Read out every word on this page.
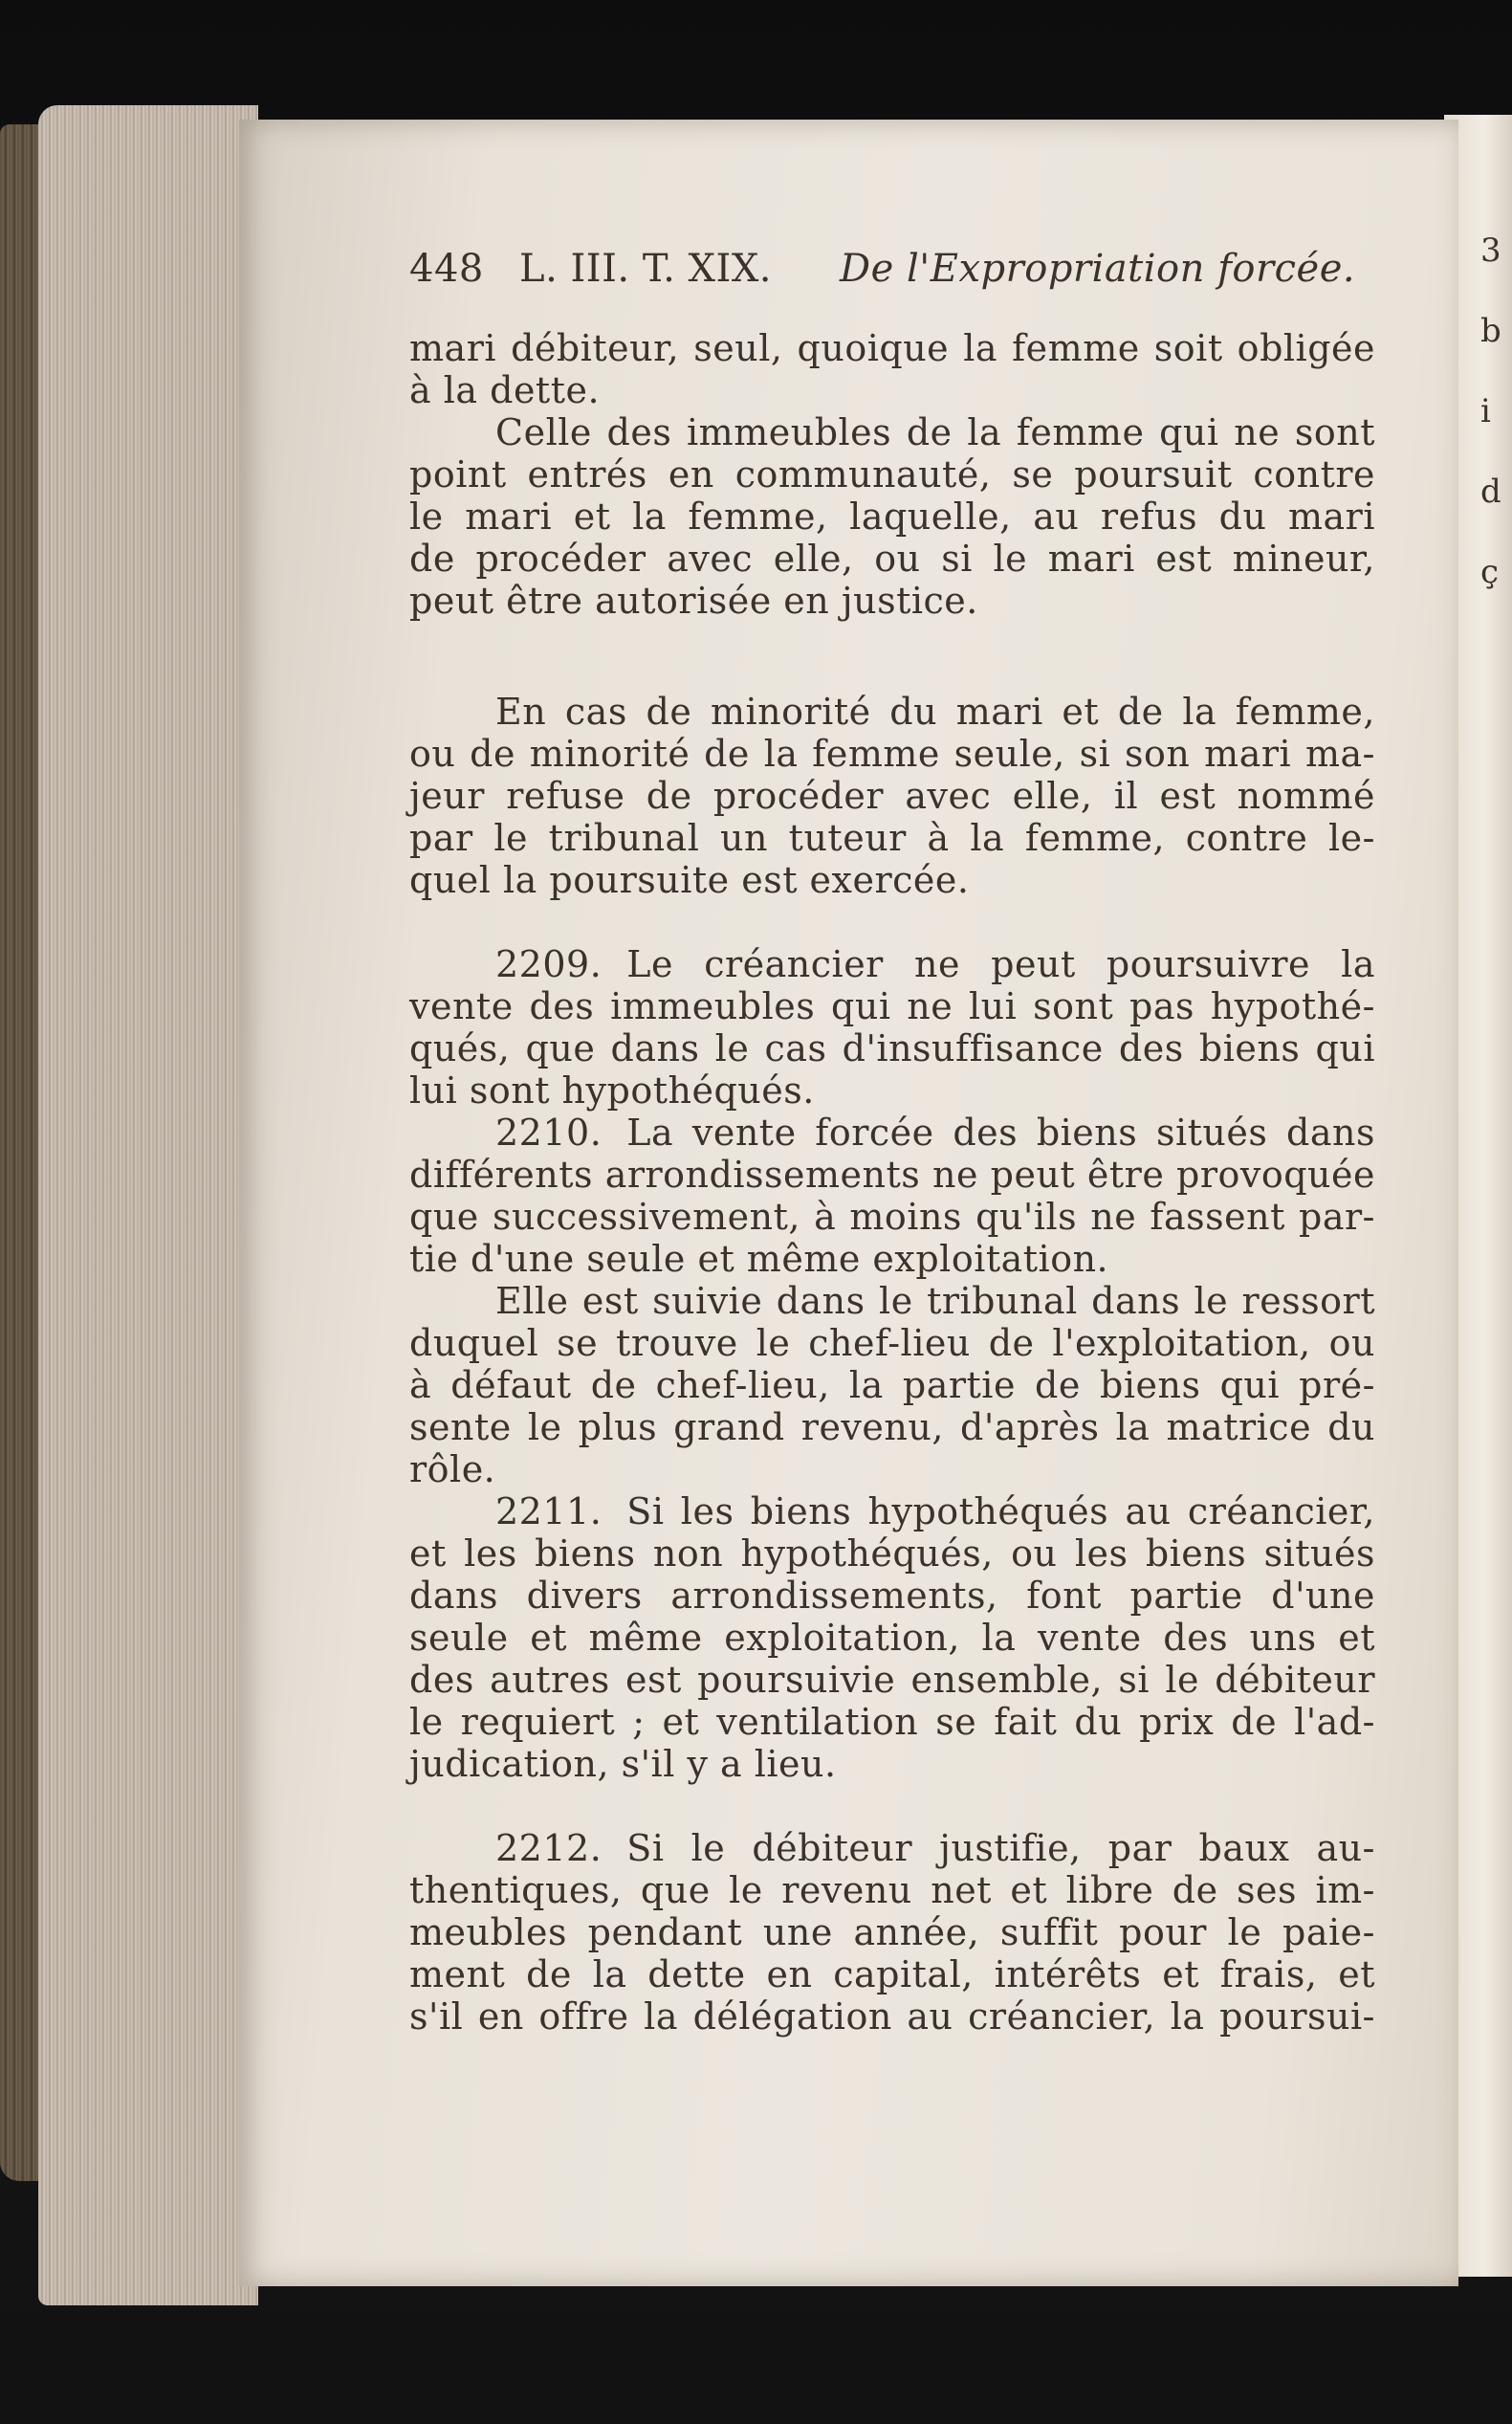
3
b
i
d
ç
448 L. III. T. XIX. De l'Expropriation forcée.
mari débiteur, seul, quoique la femme soit obligée
à la dette.
Celle des immeubles de la femme qui ne sont
point entrés en communauté, se poursuit contre
le mari et la femme, laquelle, au refus du mari
de procéder avec elle, ou si le mari est mineur,
peut être autorisée en justice.
En cas de minorité du mari et de la femme,
ou de minorité de la femme seule, si son mari ma-
jeur refuse de procéder avec elle, il est nommé
par le tribunal un tuteur à la femme, contre le-
quel la poursuite est exercée.
2209. Le créancier ne peut poursuivre la
vente des immeubles qui ne lui sont pas hypothé-
qués, que dans le cas d'insuffisance des biens qui
lui sont hypothéqués.
2210. La vente forcée des biens situés dans
différents arrondissements ne peut être provoquée
que successivement, à moins qu'ils ne fassent par-
tie d'une seule et même exploitation.
Elle est suivie dans le tribunal dans le ressort
duquel se trouve le chef-lieu de l'exploitation, ou
à défaut de chef-lieu, la partie de biens qui pré-
sente le plus grand revenu, d'après la matrice du
rôle.
2211. Si les biens hypothéqués au créancier,
et les biens non hypothéqués, ou les biens situés
dans divers arrondissements, font partie d'une
seule et même exploitation, la vente des uns et
des autres est poursuivie ensemble, si le débiteur
le requiert ; et ventilation se fait du prix de l'ad-
judication, s'il y a lieu.
2212. Si le débiteur justifie, par baux au-
thentiques, que le revenu net et libre de ses im-
meubles pendant une année, suffit pour le paie-
ment de la dette en capital, intérêts et frais, et
s'il en offre la délégation au créancier, la poursui-
